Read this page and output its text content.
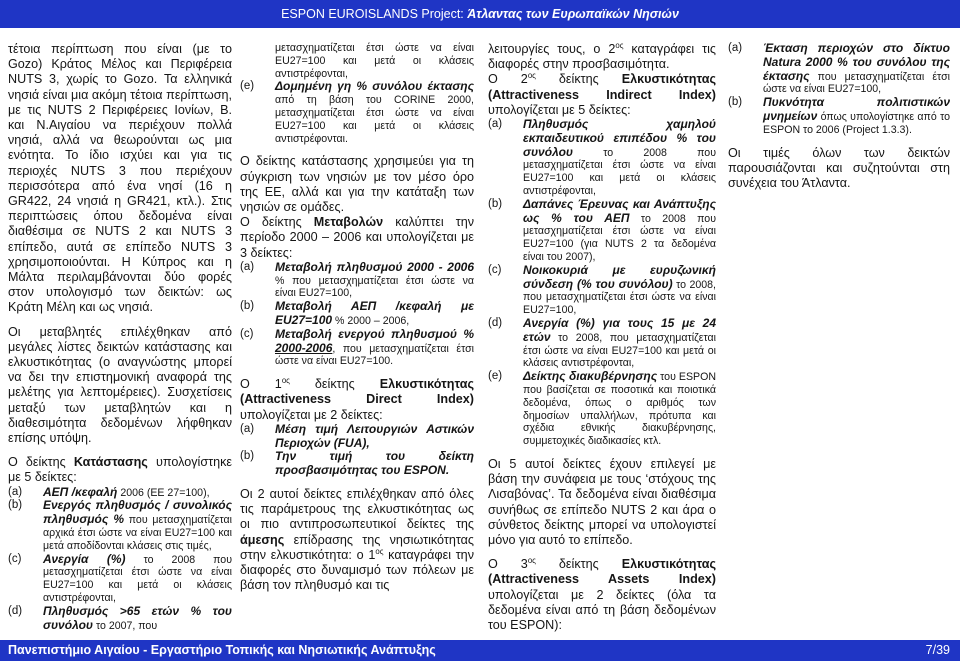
ESPON EUROISLANDS Project: Άτλαντας των Ευρωπαϊκών Νησιών
τέτοια περίπτωση που είναι (με το Gozo) Κράτος Μέλος και Περιφέρεια NUTS 3, χωρίς το Gozo. Τα ελληνικά νησιά είναι μια ακόμη τέτοια περίπτωση, με τις NUTS 2 Περιφέρειες Ιονίων, Β. και N.Αιγαίου να περιέχουν πολλά νησιά, αλλά να θεωρούνται ως μια ενότητα. Το ίδιο ισχύει και για τις περιοχές NUTS 3 που περιέχουν περισσότερα από ένα νησί (16 η GR422, 24 νησιά η GR421, κτλ.). Στις περιπτώσεις όπου δεδομένα είναι διαθέσιμα σε NUTS 2 και NUTS 3 επίπεδο, αυτά σε επίπεδο NUTS 3 χρησιμοποιούνται. Η Κύπρος και η Μάλτα περιλαμβάνονται δύο φορές στον υπολογισμό των δεικτών: ως Κράτη Μέλη και ως νησιά.
Οι μεταβλητές επιλέχθηκαν από μεγάλες λίστες δεικτών κατάστασης και ελκυστικότητας (ο αναγνώστης μπορεί να δει την επιστημονική αναφορά της μελέτης για λεπτομέρειες). Συσχετίσεις μεταξύ των μεταβλητών και η διαθεσιμότητα δεδομένων λήφθηκαν επίσης υπόψη.
Ο δείκτης Κατάστασης υπολογίστηκε με 5 δείκτες:
(a) ΑΕΠ /κεφαλή 2006 (ΕΕ 27=100),
(b) Ενεργός πληθυσμός / συνολικός πληθυσμός % που μετασχηματίζεται αρχικά έτσι ώστε να είναι EU27=100 και μετά αποδίδονται κλάσεις στις τιμές,
(c) Ανεργία (%) το 2008 που μετασχηματίζεται έτσι ώστε να είναι EU27=100 και μετά οι κλάσεις αντιστρέφονται,
(d) Πληθυσμός >65 ετών % του συνόλου το 2007, που
μετασχηματίζεται έτσι ώστε να είναι EU27=100 και μετά οι κλάσεις αντιστρέφονται,
(e) Δομημένη γη % συνόλου έκτασης από τη βάση του CORINE 2000, μετασχηματίζεται έτσι ώστε να είναι EU27=100 και μετά οι κλάσεις αντιστρέφονται.
Ο δείκτης κατάστασης χρησιμεύει για τη σύγκριση των νησιών με τον μέσο όρο της ΕΕ, αλλά και για την κατάταξη των νησιών σε ομάδες.
Ο δείκτης Μεταβολών καλύπτει την περίοδο 2000 – 2006 και υπολογίζεται με 3 δείκτες:
(a) Μεταβολή πληθυσμού 2000 - 2006 % που μετασχηματίζεται έτσι ώστε να είναι EU27=100,
(b) Μεταβολή ΑΕΠ /κεφαλή με EU27=100 % 2000 – 2006,
(c) Μεταβολή ενεργού πληθυσμού % 2000-2006, που μετασχηματίζεται έτσι ώστε να είναι EU27=100.
Ο $1^{o\varsigma}$ δείκτης Ελκυστικότητας (Attractiveness Direct Index) υπολογίζεται με 2 δείκτες:
(a) Μέση τιμή Λειτουργιών Αστικών Περιοχών (FUA),
(b) Την τιμή του δείκτη προσβασιμότητας του ESPON.
Οι 2 αυτοί δείκτες επιλέχθηκαν από όλες τις παράμετρους της ελκυστικότητας ως οι πιο αντιπροσωπευτικοί δείκτες της άμεσης επίδρασης της νησιωτικότητας στην ελκυστικότητα: ο $1^{o\varsigma}$ καταγράφει την διαφορές στο δυναμισμό των πόλεων με βάση τον πληθυσμό και τις
λειτουργίες τους, ο $2^{o\varsigma}$ καταγράφει τις διαφορές στην προσβασιμότητα.
Ο $2^{o\varsigma}$ δείκτης Ελκυστικότητας (Attractiveness Indirect Index) υπολογίζεται με 5 δείκτες:
(a) Πληθυσμός χαμηλού εκπαιδευτικού επιπέδου % του συνόλου το 2008 που μετασχηματίζεται έτσι ώστε να είναι EU27=100 και μετά οι κλάσεις αντιστρέφονται,
(b) Δαπάνες Έρευνας και Ανάπτυξης ως % του ΑΕΠ το 2008 που μετασχηματίζεται έτσι ώστε να είναι EU27=100 (για NUTS 2 τα δεδομένα είναι του 2007),
(c) Νοικοκυριά με ευρυζωνική σύνδεση (% του συνόλου) το 2008, που μετασχηματίζεται έτσι ώστε να είναι EU27=100,
(d) Ανεργία (%) για τους 15 με 24 ετών το 2008, που μετασχηματίζεται έτσι ώστε να είναι EU27=100 και μετά οι κλάσεις αντιστρέφονται,
(e) Δείκτης διακυβέρνησης του ESPON που βασίζεται σε ποσοτικά και ποιοτικά δεδομένα, όπως ο αριθμός των δημοσίων υπαλλήλων, πρότυπα και σχέδια εθνικής διακυβέρνησης, συμμετοχικές διαδικασίες κτλ.
Οι 5 αυτοί δείκτες έχουν επιλεγεί με βάση την συνάφεια με τους ‘στόχους της Λισαβόνας’. Τα δεδομένα είναι διαθέσιμα συνήθως σε επίπεδο NUTS 2 και άρα ο σύνθετος δείκτης μπορεί να υπολογιστεί μόνο για αυτό το επίπεδο.
Ο $3^{o\varsigma}$ δείκτης Ελκυστικότητας (Attractiveness Assets Index) υπολογίζεται με 2 δείκτες (όλα τα δεδομένα είναι από τη βάση δεδομένων του ESPON):
(a) Έκταση περιοχών στο δίκτυο Natura 2000 % του συνόλου της έκτασης που μετασχηματίζεται έτσι ώστε να είναι EU27=100,
(b) Πυκνότητα πολιτιστικών μνημείων όπως υπολογίστηκε από το ESPON το 2006 (Project 1.3.3).
Οι τιμές όλων των δεικτών παρουσιάζονται και συζητούνται στη συνέχεια του Άτλαντα.
Πανεπιστήμιο Αιγαίου - Εργαστήριο Τοπικής και Νησιωτικής Ανάπτυξης	7/39
